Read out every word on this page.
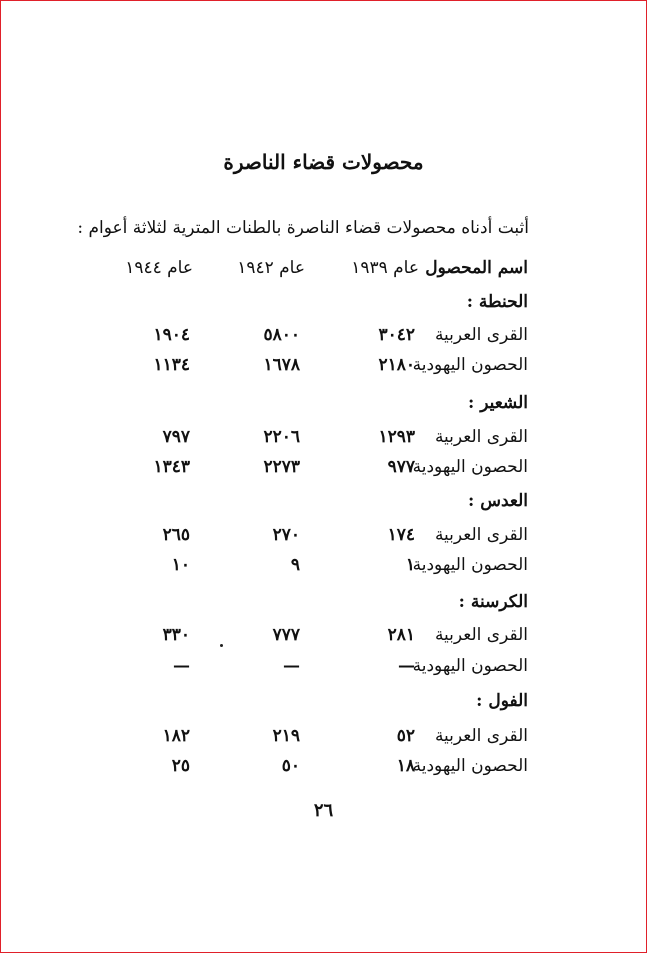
محصولات قضاء الناصرة
أثبت أدناه محصولات قضاء الناصرة بالطنات المترية لثلاثة أعوام :
اسم المحصول
عام ١٩٣٩
عام ١٩٤٢
عام ١٩٤٤
الحنطة :
القرى العربية
٣٠٤٢
٥٨٠٠
١٩٠٤
الحصون اليهودية
٢١٨٠
١٦٧٨
١١٣٤
الشعير :
القرى العربية
١٢٩٣
٢٢٠٦
٧٩٧
الحصون اليهودية
٩٧٧
٢٢٧٣
١٣٤٣
العدس :
القرى العربية
١٧٤
٢٧٠
٢٦٥
الحصون اليهودية
١
٩
١٠
الكرسنة :
القرى العربية
٢٨١
٧٧٧
٣٣٠
الحصون اليهودية
—
—
—
الفول :
القرى العربية
٥٢
٢١٩
١٨٢
الحصون اليهودية
١٨
٥٠
٢٥
٢٦
